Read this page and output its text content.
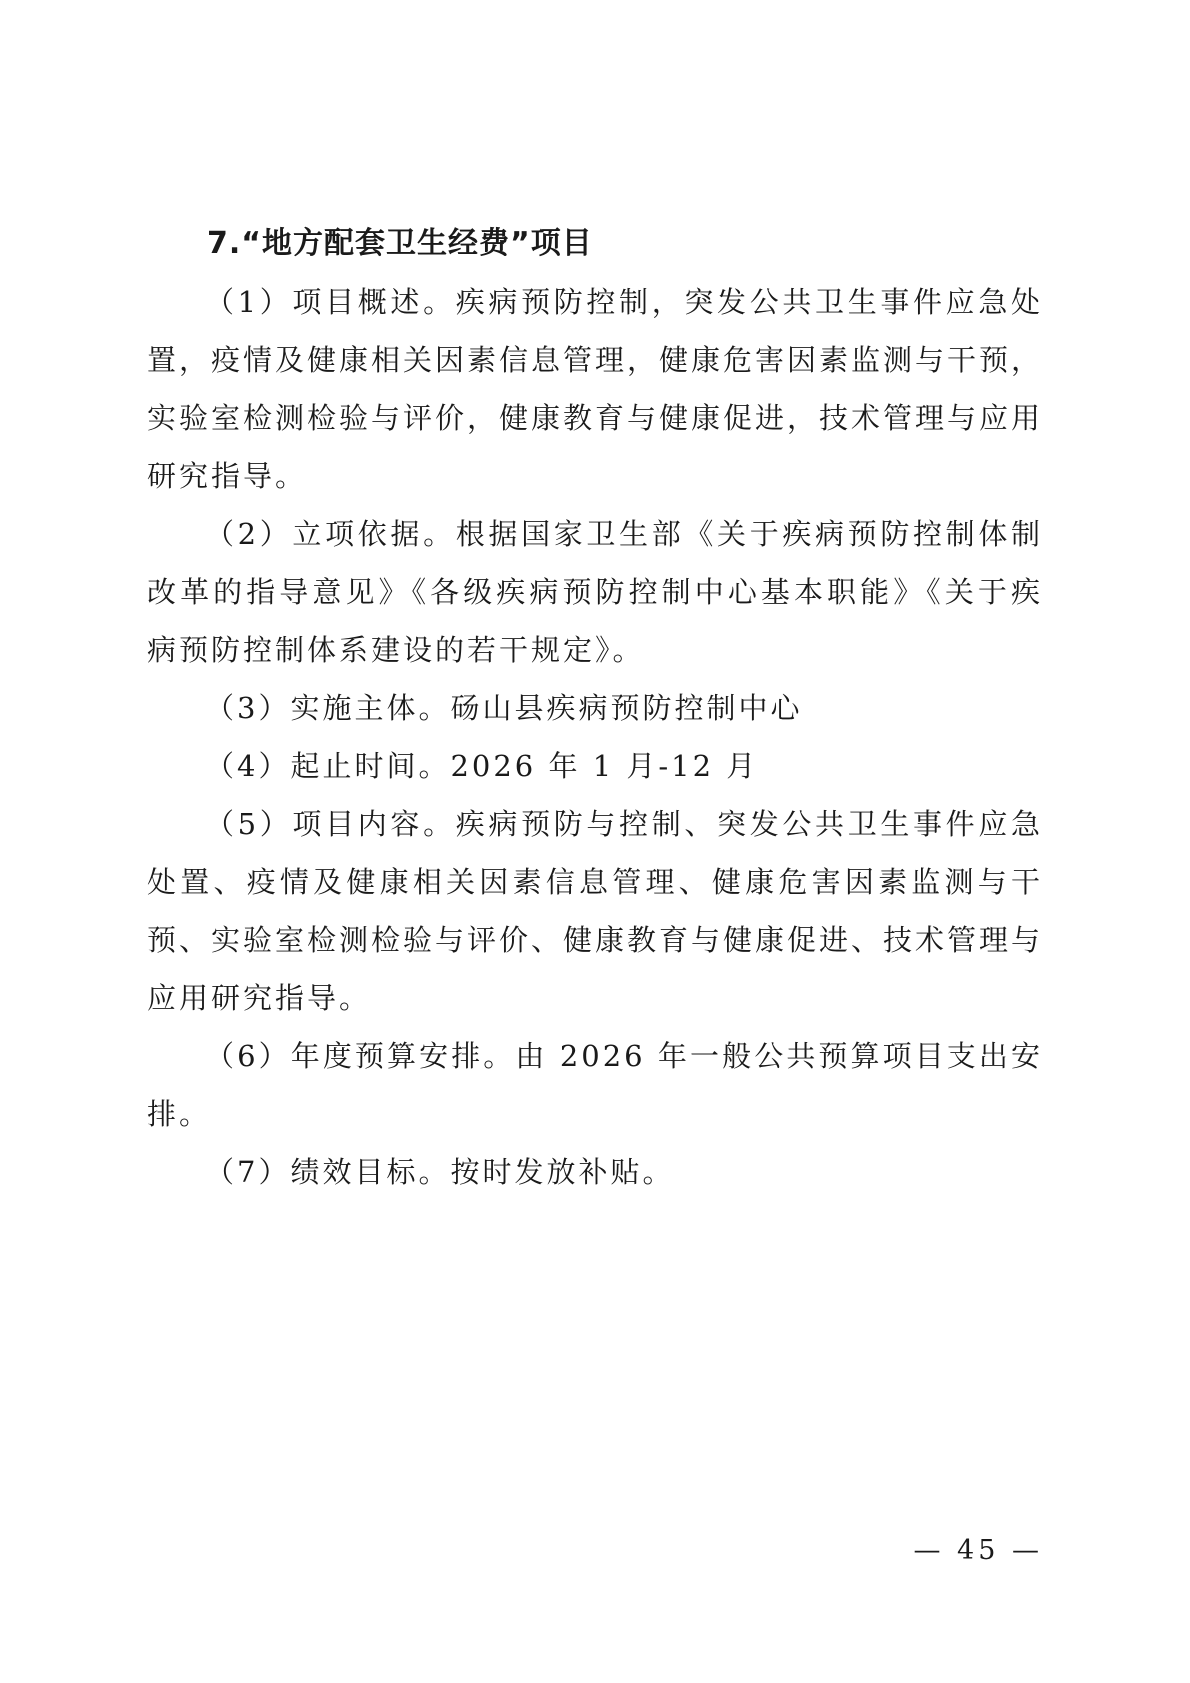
7.“地方配套卫生经费”项目

（1）项目概述。疾病预防控制，突发公共卫生事件应急处置，疫情及健康相关因素信息管理，健康危害因素监测与干预，实验室检测检验与评价，健康教育与健康促进，技术管理与应用研究指导。

（2）立项依据。根据国家卫生部《关于疾病预防控制体制改革的指导意见》《各级疾病预防控制中心基本职能》《关于疾病预防控制体系建设的若干规定》。

（3）实施主体。砀山县疾病预防控制中心

（4）起止时间。2026 年 1 月-12 月

（5）项目内容。疾病预防与控制、突发公共卫生事件应急处置、疫情及健康相关因素信息管理、健康危害因素监测与干预、实验室检测检验与评价、健康教育与健康促进、技术管理与应用研究指导。

（6）年度预算安排。由 2026 年一般公共预算项目支出安排。

（7）绩效目标。按时发放补贴。

— 45 —
